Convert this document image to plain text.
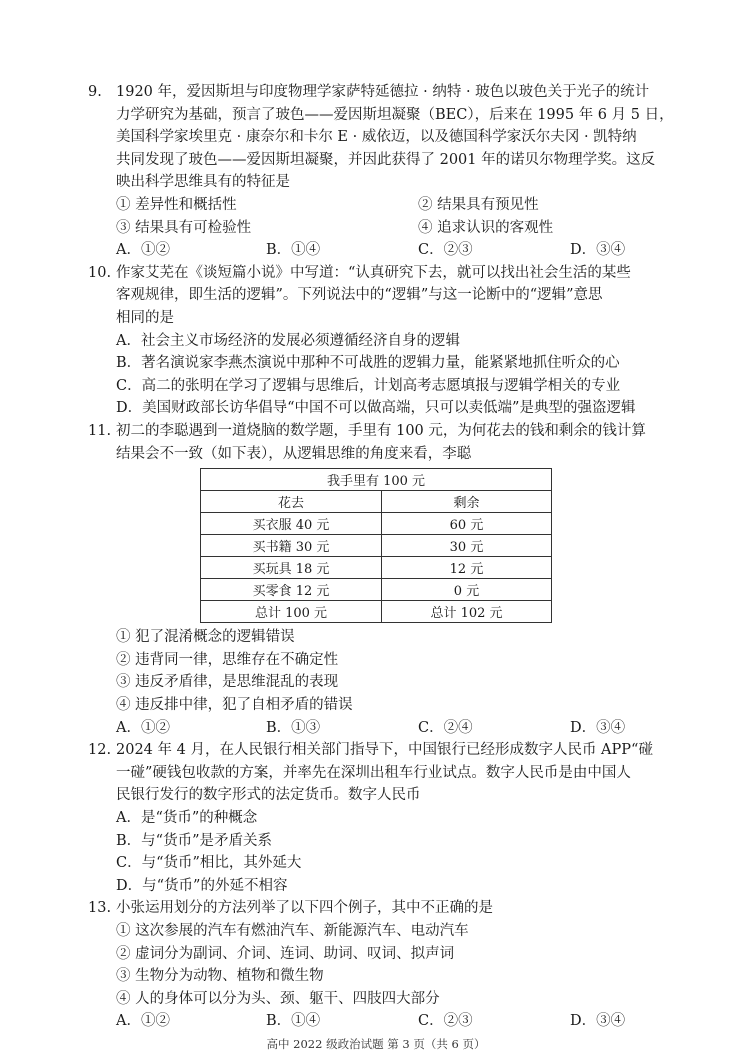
9. 1920 年，爱因斯坦与印度物理学家萨特延德拉 · 纳特 · 玻色以玻色关于光子的统计
力学研究为基础，预言了玻色——爱因斯坦凝聚（BEC），后来在 1995 年 6 月 5 日，
美国科学家埃里克 · 康奈尔和卡尔 E · 威依迈，以及德国科学家沃尔夫冈 · 凯特纳
共同发现了玻色——爱因斯坦凝聚，并因此获得了 2001 年的诺贝尔物理学奖。这反
映出科学思维具有的特征是
① 差异性和概括性	② 结果具有预见性
③ 结果具有可检验性	④ 追求认识的客观性
A．①②	B．①④	C．②③	D．③④
10. 作家艾芜在《谈短篇小说》中写道：“认真研究下去，就可以找出社会生活的某些
客观规律，即生活的逻辑”。下列说法中的“逻辑”与这一论断中的“逻辑”意思
相同的是
A．社会主义市场经济的发展必须遵循经济自身的逻辑
B．著名演说家李燕杰演说中那种不可战胜的逻辑力量，能紧紧地抓住听众的心
C．高二的张明在学习了逻辑与思维后，计划高考志愿填报与逻辑学相关的专业
D．美国财政部长访华倡导“中国不可以做高端，只可以卖低端”是典型的强盗逻辑
11. 初二的李聪遇到一道烧脑的数学题，手里有 100 元，为何花去的钱和剩余的钱计算
结果会不一致（如下表），从逻辑思维的角度来看，李聪
我手里有 100 元	
花去	剩余
买衣服 40 元	60 元
买书籍 30 元	30 元
买玩具 18 元	12 元
买零食 12 元	0 元
总计 100 元	总计 102 元
① 犯了混淆概念的逻辑错误
② 违背同一律，思维存在不确定性
③ 违反矛盾律，是思维混乱的表现
④ 违反排中律，犯了自相矛盾的错误
A．①②	B．①③	C．②④	D．③④
12. 2024 年 4 月，在人民银行相关部门指导下，中国银行已经形成数字人民币 APP“碰
一碰”硬钱包收款的方案，并率先在深圳出租车行业试点。数字人民币是由中国人
民银行发行的数字形式的法定货币。数字人民币
A．是“货币”的种概念
B．与“货币”是矛盾关系
C．与“货币”相比，其外延大
D．与“货币”的外延不相容
13. 小张运用划分的方法列举了以下四个例子，其中不正确的是
高中 2022 级政治试题 第 3 页（共 6 页）
① 这次参展的汽车有燃油汽车、新能源汽车、电动汽车
② 虚词分为副词、介词、连词、助词、叹词、拟声词
③ 生物分为动物、植物和微生物
④ 人的身体可以分为头、颈、躯干、四肢四大部分
A．①②	B．①④	C．②③	D．③④
